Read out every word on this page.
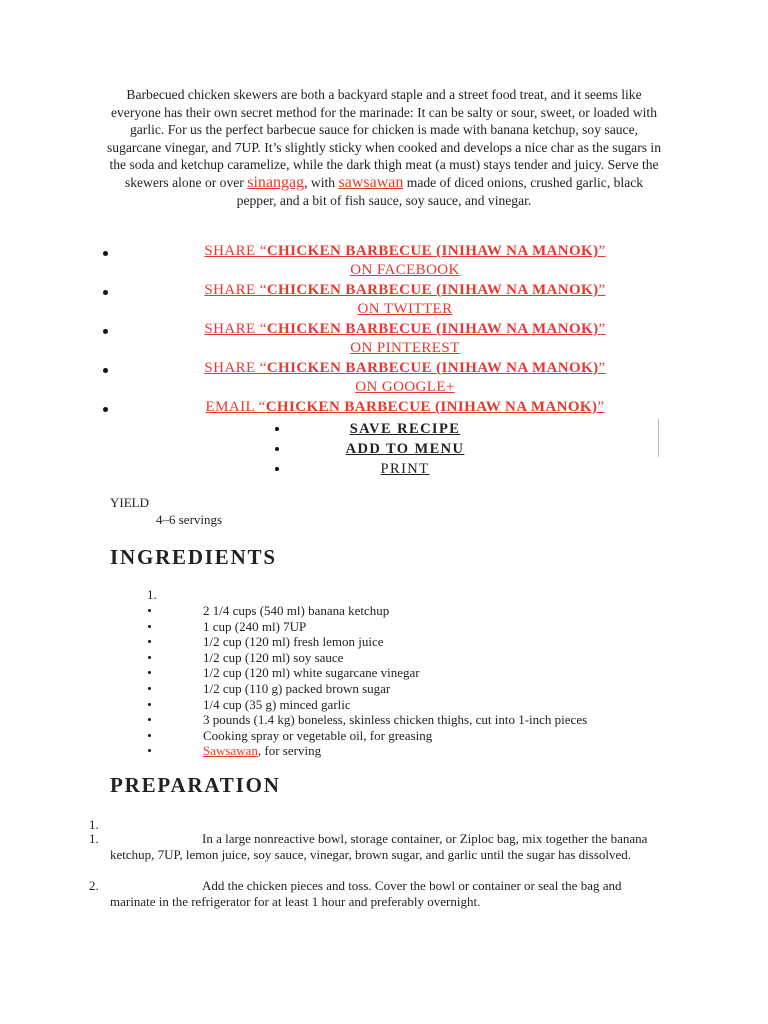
Barbecued chicken skewers are both a backyard staple and a street food treat, and it seems like everyone has their own secret method for the marinade: It can be salty or sour, sweet, or loaded with garlic. For us the perfect barbecue sauce for chicken is made with banana ketchup, soy sauce, sugarcane vinegar, and 7UP. It’s slightly sticky when cooked and develops a nice char as the sugars in the soda and ketchup caramelize, while the dark thigh meat (a must) stays tender and juicy. Serve the skewers alone or over sinangag, with sawsawan made of diced onions, crushed garlic, black pepper, and a bit of fish sauce, soy sauce, and vinegar.
SHARE “CHICKEN BARBECUE (INIHAW NA MANOK)”
ON FACEBOOK
SHARE “CHICKEN BARBECUE (INIHAW NA MANOK)”
ON TWITTER
SHARE “CHICKEN BARBECUE (INIHAW NA MANOK)”
ON PINTEREST
SHARE “CHICKEN BARBECUE (INIHAW NA MANOK)”
ON GOOGLE+
EMAIL “CHICKEN BARBECUE (INIHAW NA MANOK)”
SAVE RECIPE
ADD TO MENU
PRINT
YIELD
4–6 servings
INGREDIENTS
1.
2 1/4 cups (540 ml) banana ketchup
1 cup (240 ml) 7UP
1/2 cup (120 ml) fresh lemon juice
1/2 cup (120 ml) soy sauce
1/2 cup (120 ml) white sugarcane vinegar
1/2 cup (110 g) packed brown sugar
1/4 cup (35 g) minced garlic
3 pounds (1.4 kg) boneless, skinless chicken thighs, cut into 1-inch pieces
Cooking spray or vegetable oil, for greasing
Sawsawan, for serving
PREPARATION
1.
1.	In a large nonreactive bowl, storage container, or Ziploc bag, mix together the banana ketchup, 7UP, lemon juice, soy sauce, vinegar, brown sugar, and garlic until the sugar has dissolved.
2.	Add the chicken pieces and toss. Cover the bowl or container or seal the bag and marinate in the refrigerator for at least 1 hour and preferably overnight.
